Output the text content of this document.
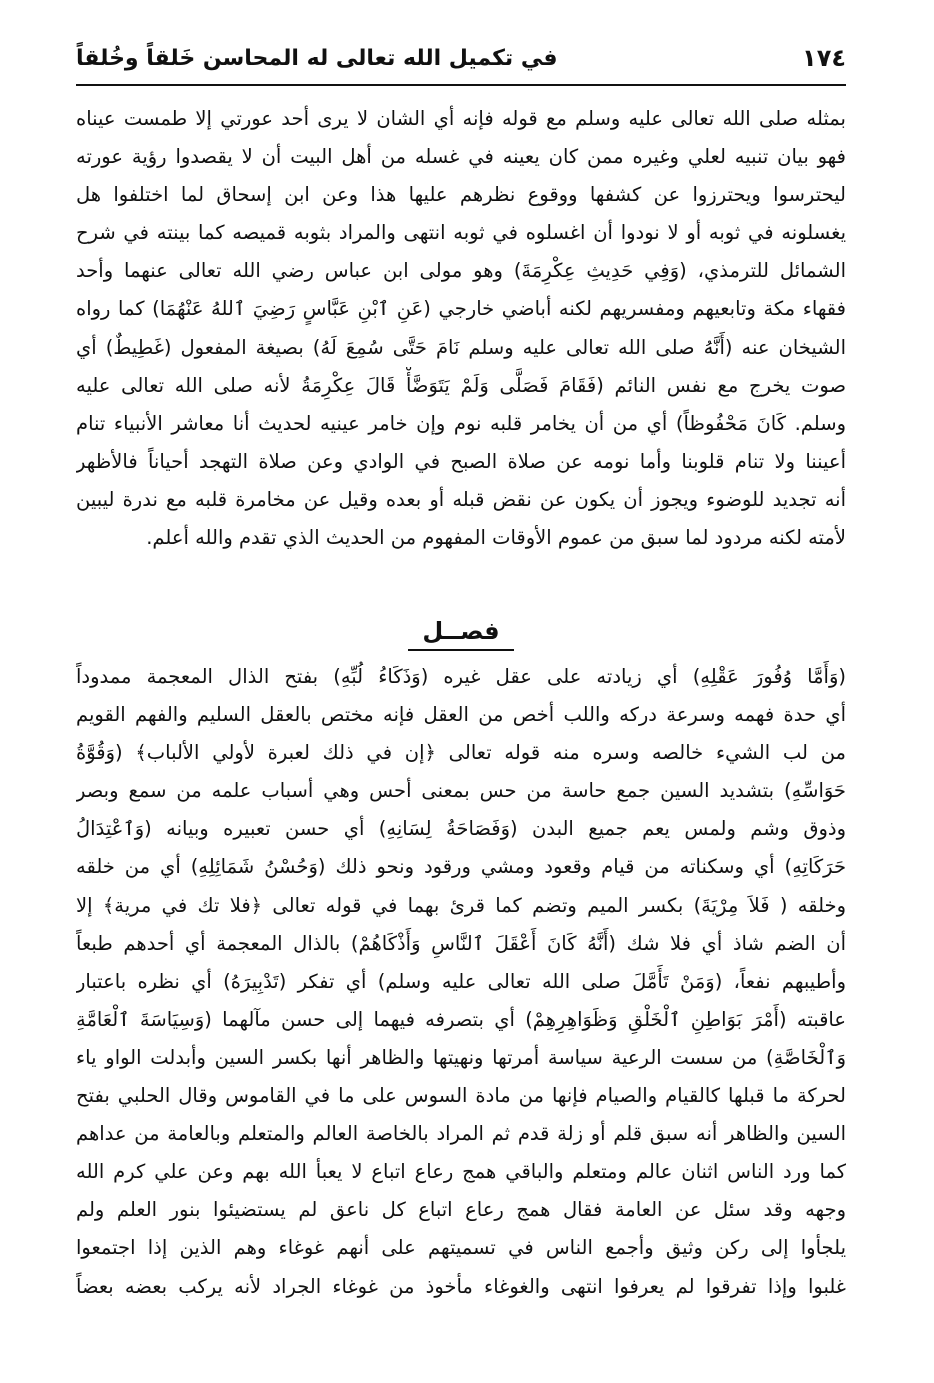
١٧٤
في تكميل الله تعالى له المحاسن خَلقاً وخُلقاً
بمثله صلى الله تعالى عليه وسلم مع قوله فإنه أي الشان لا يرى أحد عورتي إلا طمست عيناه
فهو بيان تنبيه لعلي وغيره ممن كان يعينه في غسله من أهل البيت أن لا يقصدوا رؤية عورته
ليحترسوا ويحترزوا عن كشفها ووقوع نظرهم عليها هذا وعن ابن إسحاق لما اختلفوا هل
يغسلونه في ثوبه أو لا نودوا أن اغسلوه في ثوبه انتهى والمراد بثوبه قميصه كما بينته في شرح
الشمائل للترمذي، (وَفِي حَدِيثِ عِكْرِمَةَ) وهو مولى ابن عباس رضي الله تعالى عنهما وأحد
فقهاء مكة وتابعيهم ومفسريهم لكنه أباضي خارجي (عَنِ ٱبْنِ عَبَّاسٍ رَضِيَ ٱللهُ عَنْهُمَا) كما رواه
الشيخان عنه (أَنَّهُ صلى الله تعالى عليه وسلم نَامَ حَتَّى سُمِعَ لَهُ) بصيغة المفعول (غَطِيطٌ) أي
صوت يخرج مع نفس النائم (فَقَامَ فَصَلَّى وَلَمْ يَتَوَضَّأْ قَالَ عِكْرِمَةُ لأنه صلى الله تعالى عليه
وسلم. كَانَ مَحْفُوظاً) أي من أن يخامر قلبه نوم وإن خامر عينيه لحديث أنا معاشر الأنبياء تنام
أعيننا ولا تنام قلوبنا وأما نومه عن صلاة الصبح في الوادي وعن صلاة التهجد أحياناً فالأظهر
أنه تجديد للوضوء ويجوز أن يكون عن نقض قبله أو بعده وقيل عن مخامرة قلبه مع ندرة ليبين
لأمته لكنه مردود لما سبق من عموم الأوقات المفهوم من الحديث الذي تقدم والله أعلم.
فصــل
(وَأَمَّا وُفُورَ عَقْلِهِ) أي زيادته على عقل غيره (وَذَكَاءُ لُبِّهِ) بفتح الذال المعجمة ممدوداً
أي حدة فهمه وسرعة دركه واللب أخص من العقل فإنه مختص بالعقل السليم والفهم القويم
من لب الشيء خالصه وسره منه قوله تعالى ﴿إن في ذلك لعبرة لأولي الألباب﴾ (وَقُوَّةُ
حَوَاسِّهِ) بتشديد السين جمع حاسة من حس بمعنى أحس وهي أسباب علمه من سمع وبصر
وذوق وشم ولمس يعم جميع البدن (وَفَصَاحَةُ لِسَانِهِ) أي حسن تعبيره وبيانه (وَٱعْتِدَالُ
حَرَكَاتِهِ) أي وسكناته من قيام وقعود ومشي ورقود ونحو ذلك (وَحُسْنُ شَمَائِلِهِ) أي من خلقه
وخلقه ( فَلاَ مِرْيَةَ) بكسر الميم وتضم كما قرئ بهما في قوله تعالى ﴿فلا تك في مرية﴾ إلا
أن الضم شاذ أي فلا شك (أَنَّهُ كَانَ أَعْقَلَ ٱلنَّاسِ وَأَذْكَاهُمْ) بالذال المعجمة أي أحدهم طبعاً
وأطيبهم نفعاً، (وَمَنْ تَأَمَّلَ صلى الله تعالى عليه وسلم) أي تفكر (تَدْبِيرَهُ) أي نظره باعتبار
عاقبته (أَمْرَ بَوَاطِنِ ٱلْخَلْقِ وَظَوَاهِرِهِمْ) أي بتصرفه فيهما إلى حسن مآلهما (وَسِيَاسَةَ ٱلْعَامَّةِ
وَٱلْخَاصَّةِ) من سست الرعية سياسة أمرتها ونهيتها والظاهر أنها بكسر السين وأبدلت الواو ياء
لحركة ما قبلها كالقيام والصيام فإنها من مادة السوس على ما في القاموس وقال الحلبي بفتح
السين والظاهر أنه سبق قلم أو زلة قدم ثم المراد بالخاصة العالم والمتعلم وبالعامة من عداهم
كما ورد الناس اثنان عالم ومتعلم والباقي همج رعاع اتباع لا يعبأ الله بهم وعن علي كرم الله
وجهه وقد سئل عن العامة فقال همج رعاع اتباع كل ناعق لم يستضيئوا بنور العلم ولم
يلجأوا إلى ركن وثيق وأجمع الناس في تسميتهم على أنهم غوغاء وهم الذين إذا اجتمعوا
غلبوا وإذا تفرقوا لم يعرفوا انتهى والغوغاء مأخوذ من غوغاء الجراد لأنه يركب بعضه بعضاً
